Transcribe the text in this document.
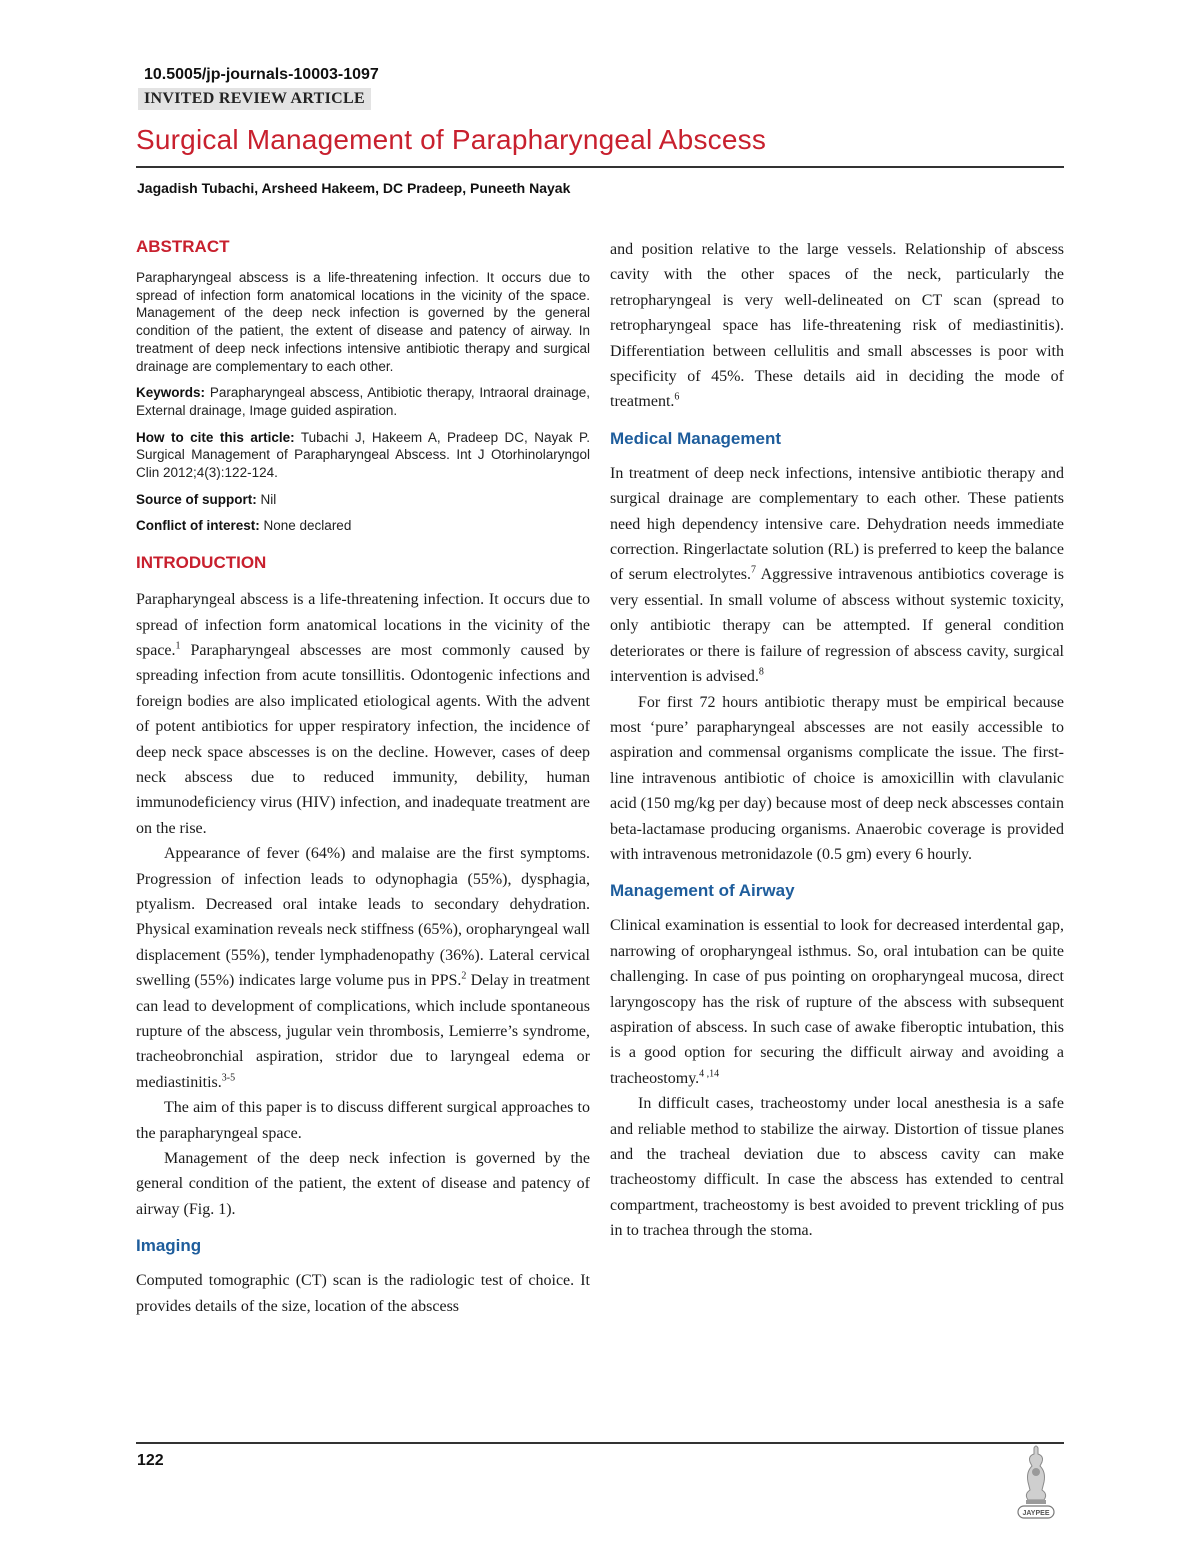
10.5005/jp-journals-10003-1097
INVITED REVIEW ARTICLE
Surgical Management of Parapharyngeal Abscess
Jagadish Tubachi, Arsheed Hakeem, DC Pradeep, Puneeth Nayak
ABSTRACT

Parapharyngeal abscess is a life-threatening infection. It occurs due to spread of infection form anatomical locations in the vicinity of the space. Management of the deep neck infection is governed by the general condition of the patient, the extent of disease and patency of airway. In treatment of deep neck infections intensive antibiotic therapy and surgical drainage are complementary to each other.

Keywords: Parapharyngeal abscess, Antibiotic therapy, Intraoral drainage, External drainage, Image guided aspiration.

How to cite this article: Tubachi J, Hakeem A, Pradeep DC, Nayak P. Surgical Management of Parapharyngeal Abscess. Int J Otorhinolaryngol Clin 2012;4(3):122-124.

Source of support: Nil

Conflict of interest: None declared

INTRODUCTION

Parapharyngeal abscess is a life-threatening infection. It occurs due to spread of infection form anatomical locations in the vicinity of the space.$^1$ Parapharyngeal abscesses are most commonly caused by spreading infection from acute tonsillitis. Odontogenic infections and foreign bodies are also implicated etiological agents. With the advent of potent antibiotics for upper respiratory infection, the incidence of deep neck space abscesses is on the decline. However, cases of deep neck abscess due to reduced immunity, debility, human immunodeficiency virus (HIV) infection, and inadequate treatment are on the rise.

Appearance of fever (64%) and malaise are the first symptoms. Progression of infection leads to odynophagia (55%), dysphagia, ptyalism. Decreased oral intake leads to secondary dehydration. Physical examination reveals neck stiffness (65%), oropharyngeal wall displacement (55%), tender lymphadenopathy (36%). Lateral cervical swelling (55%) indicates large volume pus in PPS.$^2$ Delay in treatment can lead to development of complications, which include spontaneous rupture of the abscess, jugular vein thrombosis, Lemierre’s syndrome, tracheobronchial aspiration, stridor due to laryngeal edema or mediastinitis.$^{3-5}$

The aim of this paper is to discuss different surgical approaches to the parapharyngeal space.

Management of the deep neck infection is governed by the general condition of the patient, the extent of disease and patency of airway (Fig. 1).

Imaging

Computed tomographic (CT) scan is the radiologic test of choice. It provides details of the size, location of the abscess

and position relative to the large vessels. Relationship of abscess cavity with the other spaces of the neck, particularly the retropharyngeal is very well-delineated on CT scan (spread to retropharyngeal space has life-threatening risk of mediastinitis). Differentiation between cellulitis and small abscesses is poor with specificity of 45%. These details aid in deciding the mode of treatment.$^6$

Medical Management

In treatment of deep neck infections, intensive antibiotic therapy and surgical drainage are complementary to each other. These patients need high dependency intensive care. Dehydration needs immediate correction. Ringerlactate solution (RL) is preferred to keep the balance of serum electrolytes.$^7$ Aggressive intravenous antibiotics coverage is very essential. In small volume of abscess without systemic toxicity, only antibiotic therapy can be attempted. If general condition deteriorates or there is failure of regression of abscess cavity, surgical intervention is advised.$^8$

For first 72 hours antibiotic therapy must be empirical because most ‘pure’ parapharyngeal abscesses are not easily accessible to aspiration and commensal organisms complicate the issue. The first-line intravenous antibiotic of choice is amoxicillin with clavulanic acid (150 mg/kg per day) because most of deep neck abscesses contain beta-lactamase producing organisms. Anaerobic coverage is provided with intravenous metronidazole (0.5 gm) every 6 hourly.

Management of Airway

Clinical examination is essential to look for decreased interdental gap, narrowing of oropharyngeal isthmus. So, oral intubation can be quite challenging. In case of pus pointing on oropharyngeal mucosa, direct laryngoscopy has the risk of rupture of the abscess with subsequent aspiration of abscess. In such case of awake fiberoptic intubation, this is a good option for securing the difficult airway and avoiding a tracheostomy.$^{4 ,14}$

In difficult cases, tracheostomy under local anesthesia is a safe and reliable method to stabilize the airway. Distortion of tissue planes and the tracheal deviation due to abscess cavity can make tracheostomy difficult. In case the abscess has extended to central compartment, tracheostomy is best avoided to prevent trickling of pus in to trachea through the stoma.

122
JAYPEE
